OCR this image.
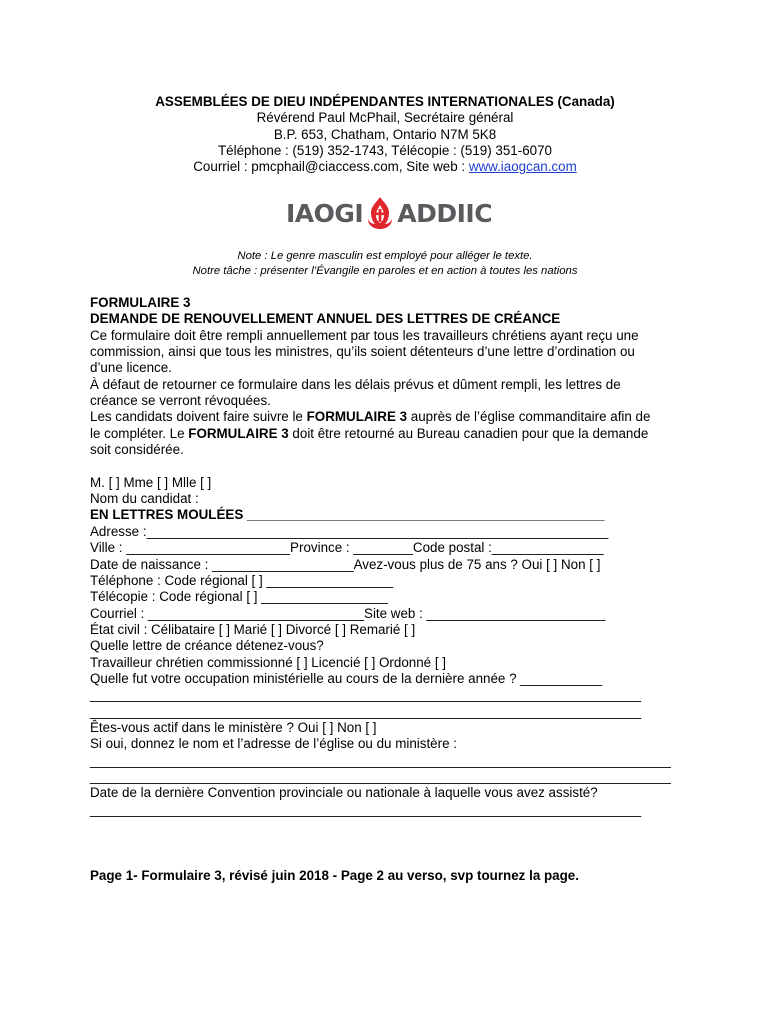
ASSEMBLÉES DE DIEU INDÉPENDANTES INTERNATIONALES (Canada)
Révérend Paul McPhail, Secrétaire général
B.P. 653, Chatham, Ontario N7M 5K8
Téléphone : (519) 352-1743, Télécopie : (519) 351-6070
Courriel : pmcphail@ciaccess.com, Site web : www.iaogcan.com
IAOGI ADDIIC
Note : Le genre masculin est employé pour alléger le texte.
Notre tâche : présenter l’Évangile en paroles et en action à toutes les nations
FORMULAIRE 3
DEMANDE DE RENOUVELLEMENT ANNUEL DES LETTRES DE CRÉANCE
Ce formulaire doit être rempli annuellement par tous les travailleurs chrétiens ayant reçu une
commission, ainsi que tous les ministres, qu’ils soient détenteurs d’une lettre d’ordination ou
d’une licence.
À défaut de retourner ce formulaire dans les délais prévus et dûment rempli, les lettres de
créance se verront révoquées.
Les candidats doivent faire suivre le FORMULAIRE 3 auprès de l’église commanditaire afin de
le compléter. Le FORMULAIRE 3 doit être retourné au Bureau canadien pour que la demande
soit considérée.
M. [ ] Mme [ ] Mlle [ ]
Nom du candidat :
EN LETTRES MOULÉES ________________________________________________
Adresse :______________________________________________________________
Ville : ______________________Province : ________Code postal :_______________
Date de naissance : ___________________Avez-vous plus de 75 ans ? Oui [ ] Non [ ]
Téléphone : Code régional [ ] _________________
Télécopie : Code régional [ ] _________________
Courriel : _____________________________Site web : ________________________
État civil : Célibataire [ ] Marié [ ] Divorcé [ ] Remarié [ ]
Quelle lettre de créance détenez-vous?
Travailleur chrétien commissionné [ ] Licencié [ ] Ordonné [ ]
Quelle fut votre occupation ministérielle au cours de la dernière année ? ___________
__________________________________________________________________________
__________________________________________________________________________
Êtes-vous actif dans le ministère ? Oui [ ] Non [ ]
Si oui, donnez le nom et l’adresse de l’église ou du ministère :
______________________________________________________________________________
______________________________________________________________________________
Date de la dernière Convention provinciale ou nationale à laquelle vous avez assisté?
__________________________________________________________________________
Page 1- Formulaire 3, révisé juin 2018 - Page 2 au verso, svp tournez la page.
